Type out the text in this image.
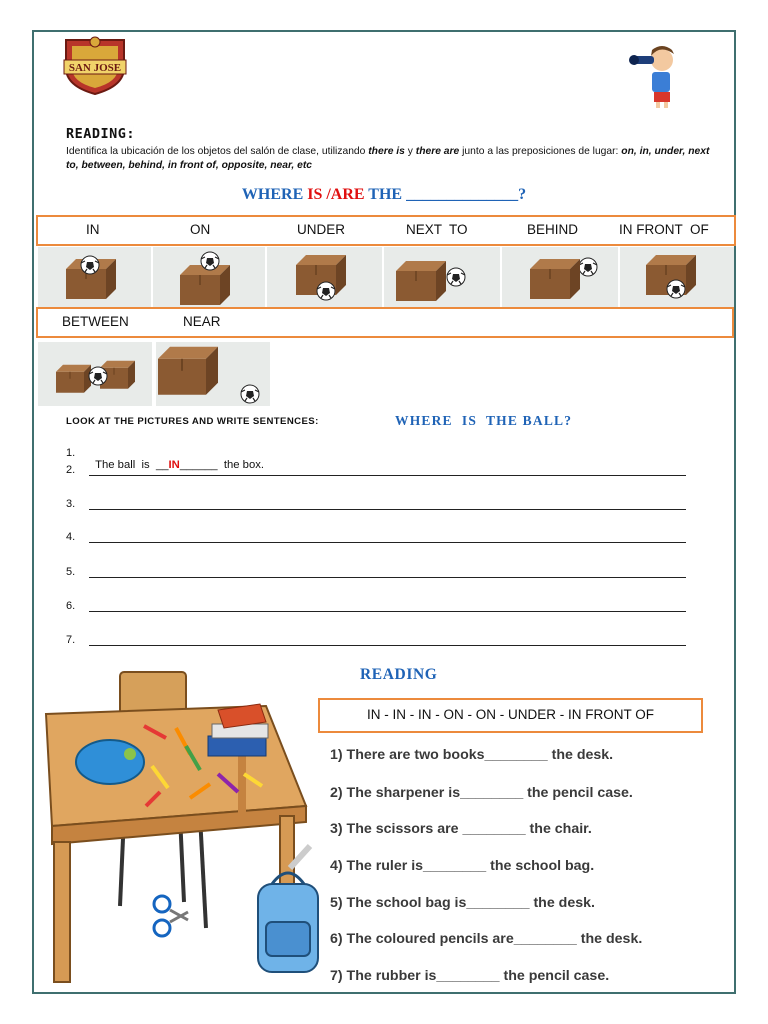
SAN JOSE
READING:
Identifica la ubicación de los objetos del salón de clase, utilizando there is y there are junto a las preposiciones de lugar: on, in, under, next to, between, behind, in front of, opposite, near, etc
WHERE IS /ARE THE ______________?
IN	ON	UNDER	NEXT  TO	BEHIND	IN FRONT  OF
BETWEEN	NEAR
LOOK AT THE PICTURES AND WRITE SENTENCES:	WHERE  IS  THE BALL?
1.

The ball  is  __IN______  the box.

2.
3.
4.
5.
6.
7.
READING
IN - IN - IN - ON - ON - UNDER - IN FRONT OF
1) There are two books________ the desk.
2) The sharpener is________ the pencil case.
3) The scissors are ________ the chair.
4) The ruler is________ the school bag.
5) The school bag is________ the desk.
6) The coloured pencils are________ the desk.
7) The rubber is________ the pencil case.
